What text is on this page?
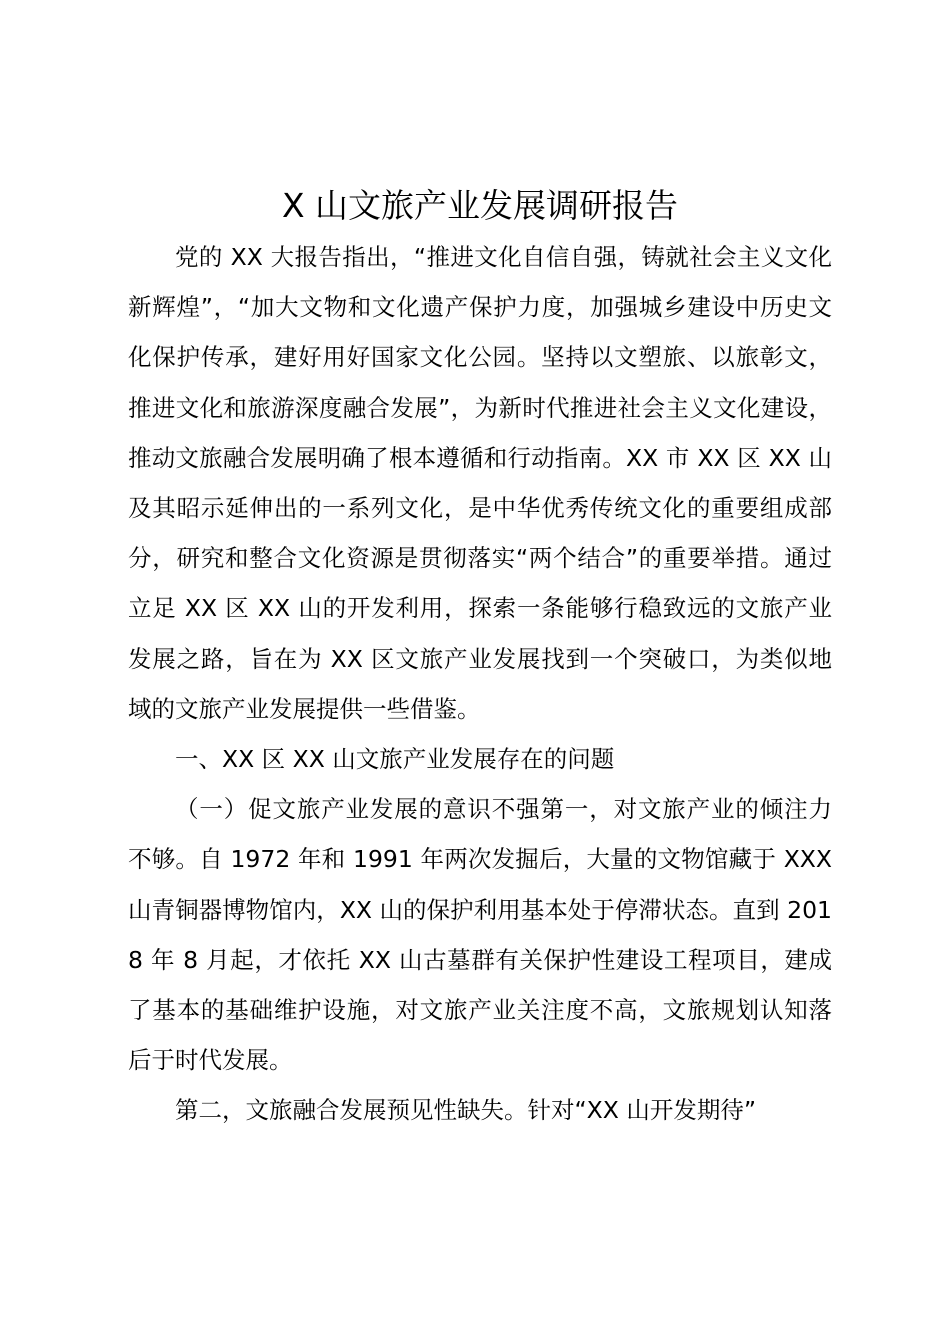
X 山文旅产业发展调研报告

党的 XX 大报告指出，“推进文化自信自强，铸就社会主义文化新辉煌”，“加大文物和文化遗产保护力度，加强城乡建设中历史文化保护传承，建好用好国家文化公园。坚持以文塑旅、以旅彰文，推进文化和旅游深度融合发展”，为新时代推进社会主义文化建设，推动文旅融合发展明确了根本遵循和行动指南。XX 市 XX 区 XX 山及其昭示延伸出的一系列文化，是中华优秀传统文化的重要组成部分，研究和整合文化资源是贯彻落实“两个结合”的重要举措。通过立足 XX 区 XX 山的开发利用，探索一条能够行稳致远的文旅产业发展之路，旨在为 XX 区文旅产业发展找到一个突破口，为类似地域的文旅产业发展提供一些借鉴。

一、XX 区 XX 山文旅产业发展存在的问题

（一）促文旅产业发展的意识不强第一，对文旅产业的倾注力不够。自 1972 年和 1991 年两次发掘后，大量的文物馆藏于 XXX 山青铜器博物馆内，XX 山的保护利用基本处于停滞状态。直到 2018 年 8 月起，才依托 XX 山古墓群有关保护性建设工程项目，建成了基本的基础维护设施，对文旅产业关注度不高，文旅规划认知落后于时代发展。

第二，文旅融合发展预见性缺失。针对“XX 山开发期待”
